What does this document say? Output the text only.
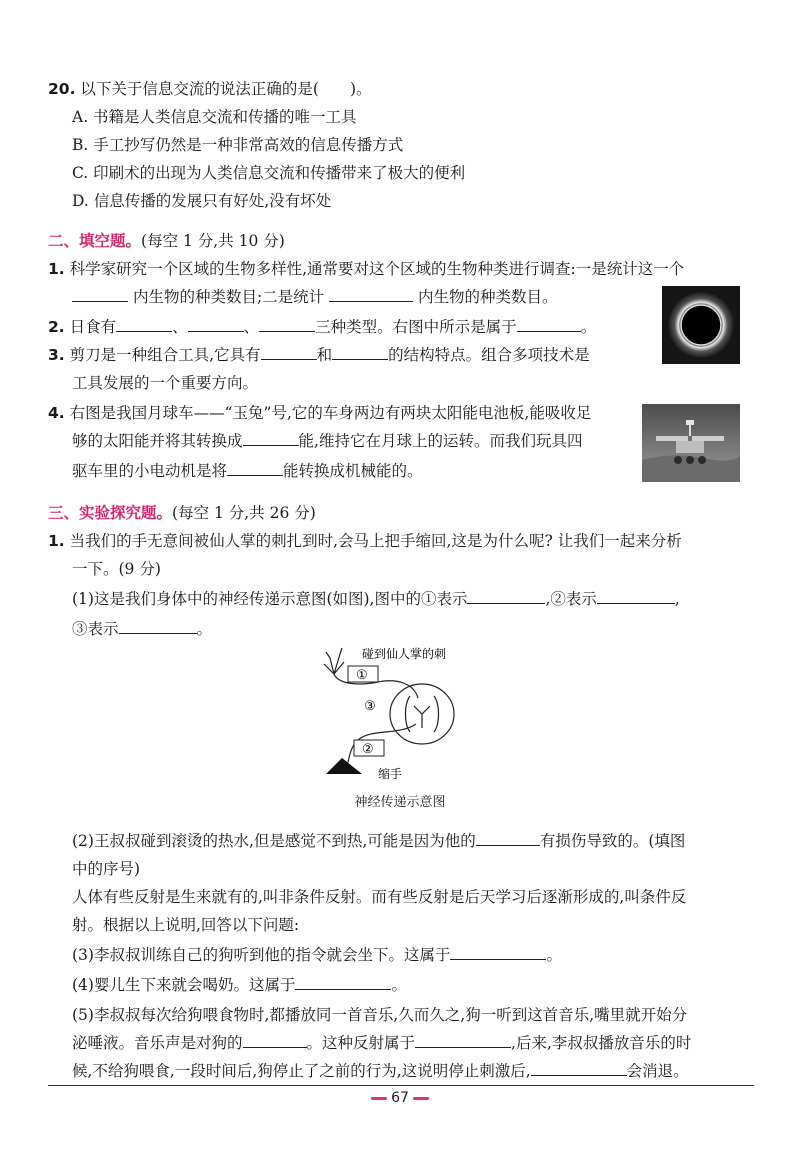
20. 以下关于信息交流的说法正确的是(　　)。
A. 书籍是人类信息交流和传播的唯一工具
B. 手工抄写仍然是一种非常高效的信息传播方式
C. 印刷术的出现为人类信息交流和传播带来了极大的便利
D. 信息传播的发展只有好处,没有坏处
二、填空题。(每空 1 分,共 10 分)
1. 科学家研究一个区域的生物多样性,通常要对这个区域的生物种类进行调查:一是统计这一个
内生物的种类数目;二是统计	内生物的种类数目。
2. 日食有	、	、	三种类型。右图中所示是属于	。
3. 剪刀是一种组合工具,它具有	和	的结构特点。组合多项技术是
工具发展的一个重要方向。
4. 右图是我国月球车——“玉兔”号,它的车身两边有两块太阳能电池板,能吸收足
够的太阳能并将其转换成	能,维持它在月球上的运转。而我们玩具四
驱车里的小电动机是将	能转换成机械能的。
三、实验探究题。(每空 1 分,共 26 分)
1. 当我们的手无意间被仙人掌的刺扎到时,会马上把手缩回,这是为什么呢? 让我们一起来分析
一下。(9 分)
(1)这是我们身体中的神经传递示意图(如图),图中的①表示	,②表示	,
③表示	。
①
③
②
碰到仙人掌的刺
缩手
神经传递示意图
(2)王叔叔碰到滚烫的热水,但是感觉不到热,可能是因为他的	有损伤导致的。(填图
中的序号)
人体有些反射是生来就有的,叫非条件反射。而有些反射是后天学习后逐渐形成的,叫条件反
射。根据以上说明,回答以下问题:
(3)李叔叔训练自己的狗听到他的指令就会坐下。这属于	。
(4)婴儿生下来就会喝奶。这属于	。
(5)李叔叔每次给狗喂食物时,都播放同一首音乐,久而久之,狗一听到这首音乐,嘴里就开始分
泌唾液。音乐声是对狗的	。这种反射属于	,后来,李叔叔播放音乐的时
候,不给狗喂食,一段时间后,狗停止了之前的行为,这说明停止刺激后,	会消退。
67
